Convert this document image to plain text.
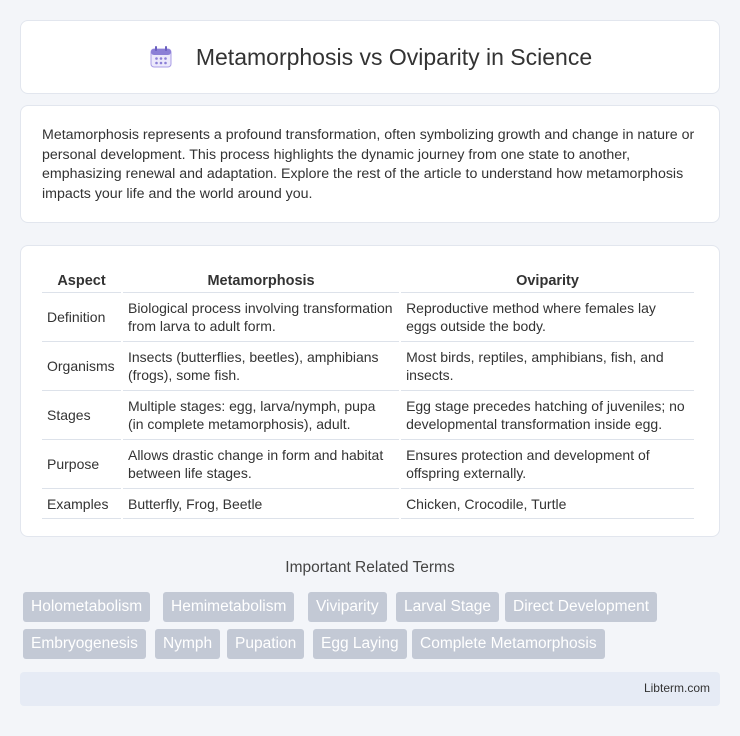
Metamorphosis vs Oviparity in Science

Metamorphosis represents a profound transformation, often symbolizing growth and change in nature or personal development. This process highlights the dynamic journey from one state to another, emphasizing renewal and adaptation. Explore the rest of the article to understand how metamorphosis impacts your life and the world around you.

Aspect	Metamorphosis	Oviparity
Definition	Biological process involving transformation from larva to adult form.	Reproductive method where females lay eggs outside the body.
Organisms	Insects (butterflies, beetles), amphibians (frogs), some fish.	Most birds, reptiles, amphibians, fish, and insects.
Stages	Multiple stages: egg, larva/nymph, pupa (in complete metamorphosis), adult.	Egg stage precedes hatching of juveniles; no developmental transformation inside egg.
Purpose	Allows drastic change in form and habitat between life stages.	Ensures protection and development of offspring externally.
Examples	Butterfly, Frog, Beetle	Chicken, Crocodile, Turtle
Important Related Terms
Holometabolism	Hemimetabolism	Viviparity	Larval Stage	Direct Development
Embryogenesis	Nymph	Pupation	Egg Laying	Complete Metamorphosis
Libterm.com
